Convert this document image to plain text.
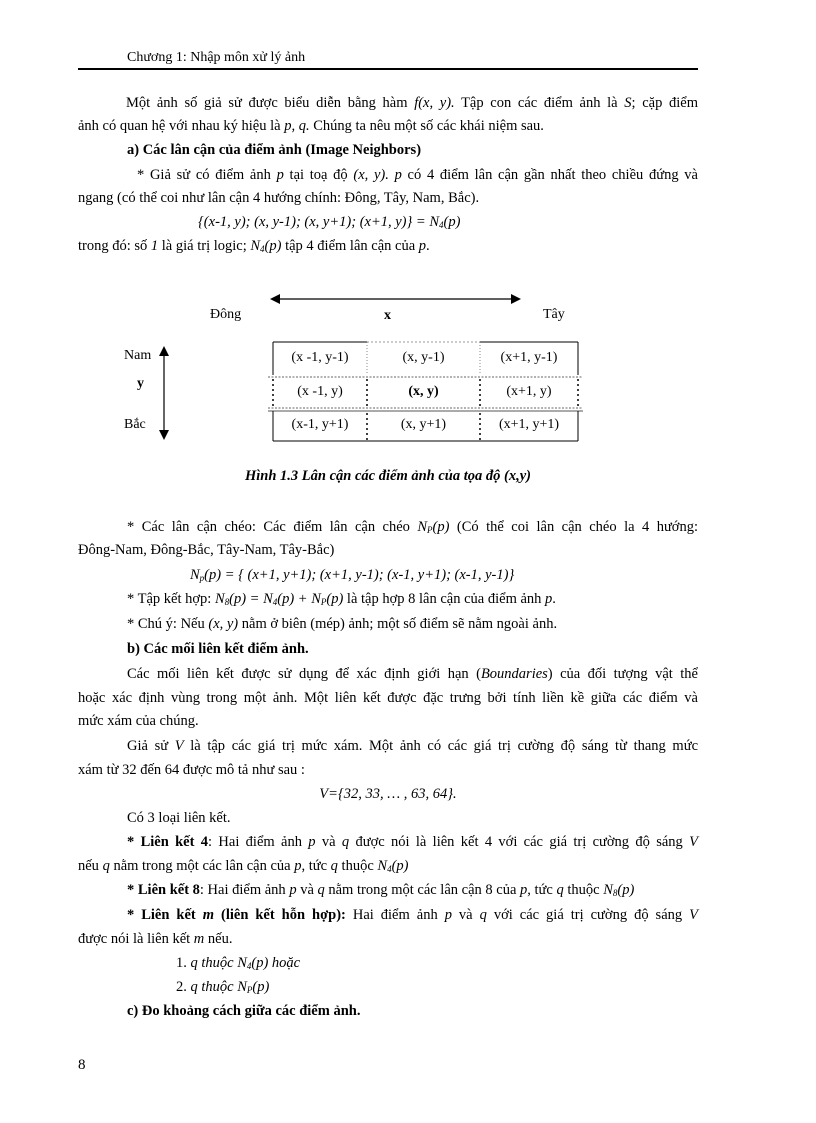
Chương 1: Nhập môn xử lý ảnh
Một ảnh số giả sử được biểu diễn bằng hàm f(x, y). Tập con các điểm ảnh là S; cặp điểm
ảnh có quan hệ với nhau ký hiệu là p, q. Chúng ta nêu một số các khái niệm sau.
a) Các lân cận của điểm ảnh (Image Neighbors)
* Giả sử có điểm ảnh p tại toạ độ (x, y). p có 4 điểm lân cận gần nhất theo chiều đứng và
ngang (có thể coi như lân cận 4 hướng chính: Đông, Tây, Nam, Bắc).
{(x-1, y); (x, y-1); (x, y+1); (x+1, $y)\} = N_4(p)$
trong đó: số 1 là giá trị logic; $N_4(p)$ tập 4 điểm lân cận của p.
Đông	x	Tây
Nam
y
Bắc
(x -1, y-1)	(x, y-1)	(x+1, y-1)
(x -1, y)	(x, y)	(x+1, y)
(x-1, y+1)	(x, y+1)	(x+1, y+1)
Hình 1.3 Lân cận các điểm ảnh của tọa độ (x,y)
* Các lân cận chéo: Các điểm lân cận chéo $N_P(p)$ (Có thể coi lân cận chéo la 4 hướng:
Đông-Nam, Đông-Bắc, Tây-Nam, Tây-Bắc)
$N_p(p)$ = { (x+1, y+1); (x+1, y-1); (x-1, y+1); (x-1, y-1)}
* Tập kết hợp: $N_8(p) = N_4(p) + N_P(p)$ là tập hợp 8 lân cận của điểm ảnh p.
* Chú ý: Nếu (x, y) nằm ở biên (mép) ảnh; một số điểm sẽ nằm ngoài ảnh.
b) Các mối liên kết điểm ảnh.
Các mối liên kết được sử dụng để xác định giới hạn (Boundaries) của đối tượng vật thể
hoặc xác định vùng trong một ảnh. Một liên kết được đặc trưng bởi tính liền kề giữa các điểm và
mức xám của chúng.
Giả sử V là tập các giá trị mức xám. Một ảnh có các giá trị cường độ sáng từ thang mức
xám từ 32 đến 64 được mô tả như sau :
V={32, 33, … , 63, 64}.
Có 3 loại liên kết.
* Liên kết 4: Hai điểm ảnh p và q được nói là liên kết 4 với các giá trị cường độ sáng V
nếu q nằm trong một các lân cận của p, tức q thuộc $N_4(p)$
* Liên kết 8: Hai điểm ảnh p và q nằm trong một các lân cận 8 của p, tức q thuộc $N_8(p)$
* Liên kết m (liên kết hỗn hợp): Hai điểm ảnh p và q với các giá trị cường độ sáng V
được nói là liên kết m nếu.
1. q thuộc $N_4(p)$ hoặc
2. q thuộc $N_P(p)$
c) Đo khoảng cách giữa các điểm ảnh.
8
